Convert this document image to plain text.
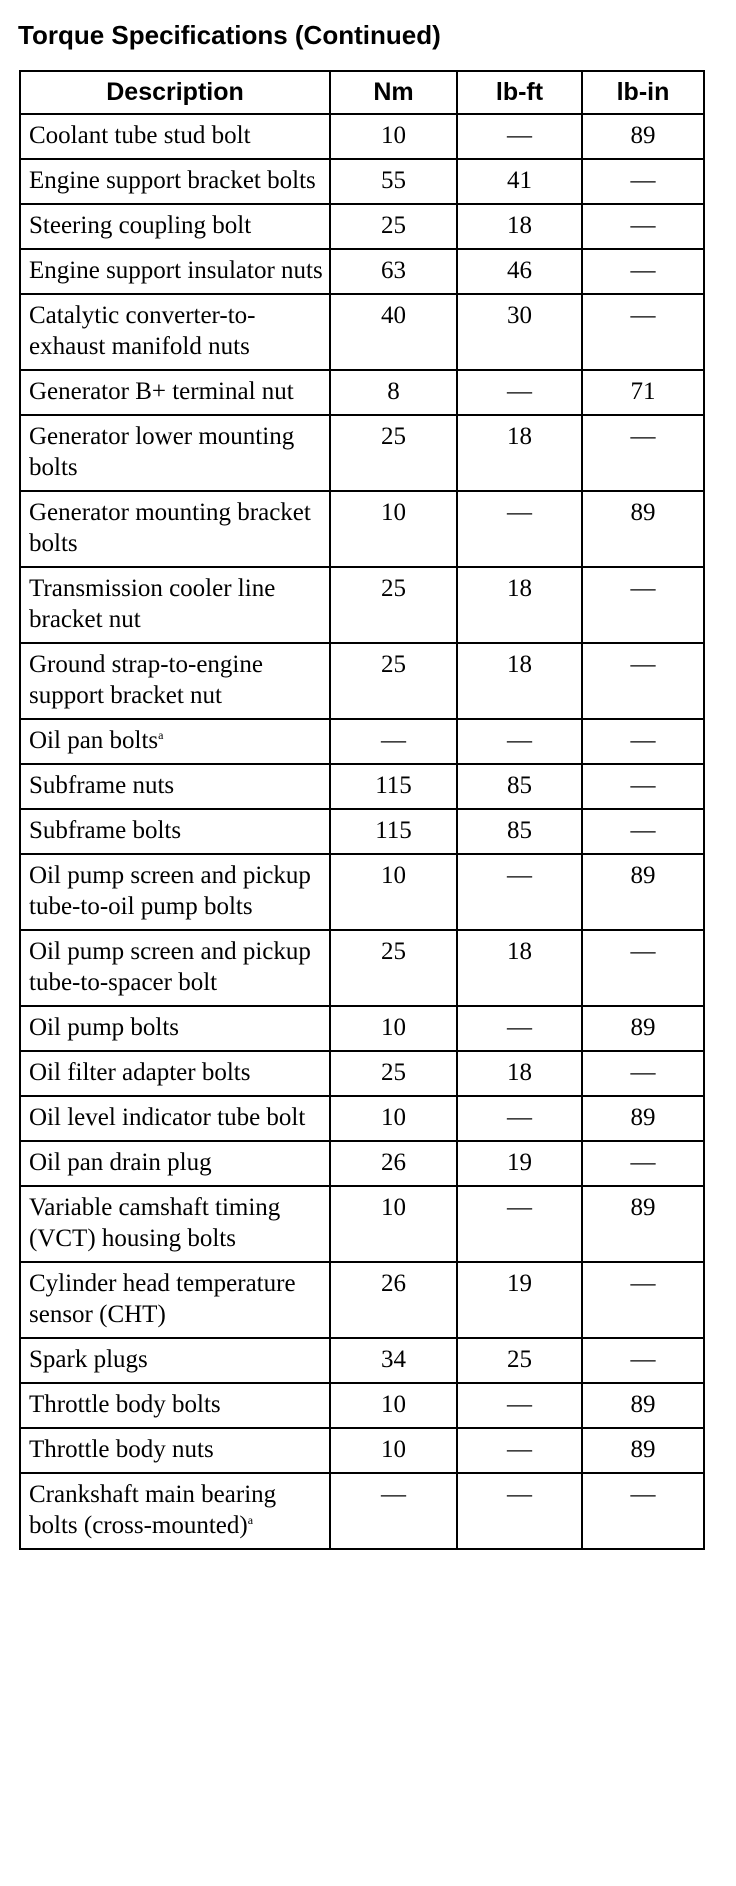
Torque Specifications (Continued)
Description	Nm	lb-ft	lb-in
Coolant tube stud bolt	10	—	89
Engine support bracket bolts	55	41	—
Steering coupling bolt	25	18	—
Engine support insulator nuts	63	46	—
Catalytic converter-to-exhaust manifold nuts	40	30	—
Generator B+ terminal nut	8	—	71
Generator lower mounting bolts	25	18	—
Generator mounting bracket bolts	10	—	89
Transmission cooler line bracket nut	25	18	—
Ground strap-to-engine support bracket nut	25	18	—
Oil pan bolts$^a$	—	—	—
Subframe nuts	115	85	—
Subframe bolts	115	85	—
Oil pump screen and pickup tube-to-oil pump bolts	10	—	89
Oil pump screen and pickup tube-to-spacer bolt	25	18	—
Oil pump bolts	10	—	89
Oil filter adapter bolts	25	18	—
Oil level indicator tube bolt	10	—	89
Oil pan drain plug	26	19	—
Variable camshaft timing (VCT) housing bolts	10	—	89
Cylinder head temperature sensor (CHT)	26	19	—
Spark plugs	34	25	—
Throttle body bolts	10	—	89
Throttle body nuts	10	—	89
Crankshaft main bearing bolts (cross-mounted)$^a$	—	—	—
